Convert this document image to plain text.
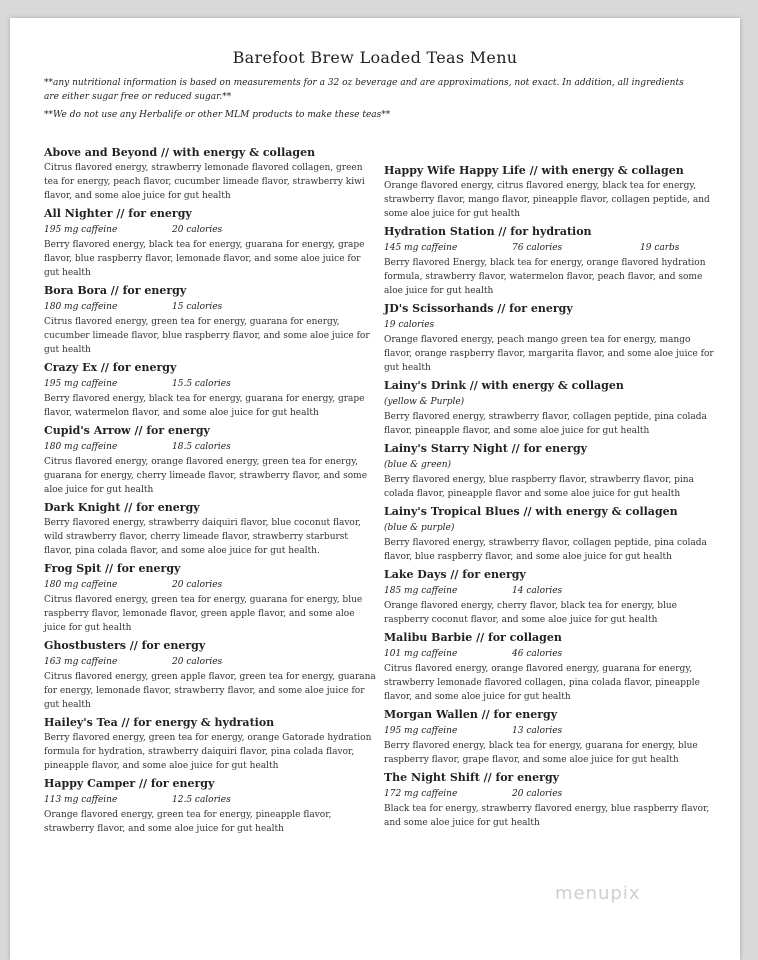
Barefoot Brew Loaded Teas Menu
**any nutritional information is based on measurements for a 32 oz beverage and are approximations, not exact. In addition, all ingredients are either sugar free or reduced sugar.**
**We do not use any Herbalife or other MLM products to make these teas**
Above and Beyond // with energy & collagen
Citrus flavored energy, strawberry lemonade flavored collagen, green tea for energy, peach flavor, cucumber limeade flavor, strawberry kiwi flavor, and some aloe juice for gut health
All Nighter // for energy
195 mg caffeine	20 calories
Berry flavored energy, black tea for energy, guarana for energy, grape flavor, blue raspberry flavor, lemonade flavor, and some aloe juice for gut health
Bora Bora // for energy
180 mg caffeine	15 calories
Citrus flavored energy, green tea for energy, guarana for energy, cucumber limeade flavor, blue raspberry flavor, and some aloe juice for gut health
Crazy Ex // for energy
195 mg caffeine	15.5 calories
Berry flavored energy, black tea for energy, guarana for energy, grape flavor, watermelon flavor, and some aloe juice for gut health
Cupid's Arrow // for energy
180 mg caffeine	18.5 calories
Citrus flavored energy, orange flavored energy, green tea for energy, guarana for energy, cherry limeade flavor, strawberry flavor, and some aloe juice for gut health
Dark Knight // for energy
Berry flavored energy, strawberry daiquiri flavor, blue coconut flavor, wild strawberry flavor, cherry limeade flavor, strawberry starburst flavor, pina colada flavor, and some aloe juice for gut health.
Frog Spit // for energy
180 mg caffeine	20 calories
Citrus flavored energy, green tea for energy, guarana for energy, blue raspberry flavor, lemonade flavor, green apple flavor, and some aloe juice for gut health
Ghostbusters // for energy
163 mg caffeine	20 calories
Citrus flavored energy, green apple flavor, green tea for energy, guarana for energy, lemonade flavor, strawberry flavor, and some aloe juice for gut health
Hailey's Tea // for energy & hydration
Berry flavored energy, green tea for energy, orange Gatorade hydration formula for hydration, strawberry daiquiri flavor, pina colada flavor, pineapple flavor, and some aloe juice for gut health
Happy Camper // for energy
113 mg caffeine	12.5 calories
Orange flavored energy, green tea for energy, pineapple flavor, strawberry flavor, and some aloe juice for gut health
Happy Wife Happy Life // with energy & collagen
Orange flavored energy, citrus flavored energy, black tea for energy, strawberry flavor, mango flavor, pineapple flavor, collagen peptide, and some aloe juice for gut health
Hydration Station // for hydration
145 mg caffeine	76 calories	19 carbs
Berry flavored Energy, black tea for energy, orange flavored hydration formula, strawberry flavor, watermelon flavor, peach flavor, and some aloe juice for gut health
JD's Scissorhands // for energy
19 calories
Orange flavored energy, peach mango green tea for energy, mango flavor, orange raspberry flavor, margarita flavor, and some aloe juice for gut health
Lainy's Drink // with energy & collagen
(yellow & Purple)
Berry flavored energy, strawberry flavor, collagen peptide, pina colada flavor, pineapple flavor, and some aloe juice for gut health
Lainy's Starry Night // for energy
(blue & green)
Berry flavored energy, blue raspberry flavor, strawberry flavor, pina colada flavor, pineapple flavor and some aloe juice for gut health
Lainy's Tropical Blues // with energy & collagen
(blue & purple)
Berry flavored energy, strawberry flavor, collagen peptide, pina colada flavor, blue raspberry flavor, and some aloe juice for gut health
Lake Days // for energy
185 mg caffeine	14 calories
Orange flavored energy, cherry flavor, black tea for energy, blue raspberry coconut flavor, and some aloe juice for gut health
Malibu Barbie // for collagen
101 mg caffeine	46 calories
Citrus flavored energy, orange flavored energy, guarana for energy, strawberry lemonade flavored collagen, pina colada flavor, pineapple flavor, and some aloe juice for gut health
Morgan Wallen // for energy
195 mg caffeine	13 calories
Berry flavored energy, black tea for energy, guarana for energy, blue raspberry flavor, grape flavor, and some aloe juice for gut health
The Night Shift // for energy
172 mg caffeine	20 calories
Black tea for energy, strawberry flavored energy, blue raspberry flavor, and some aloe juice for gut health
menupix
